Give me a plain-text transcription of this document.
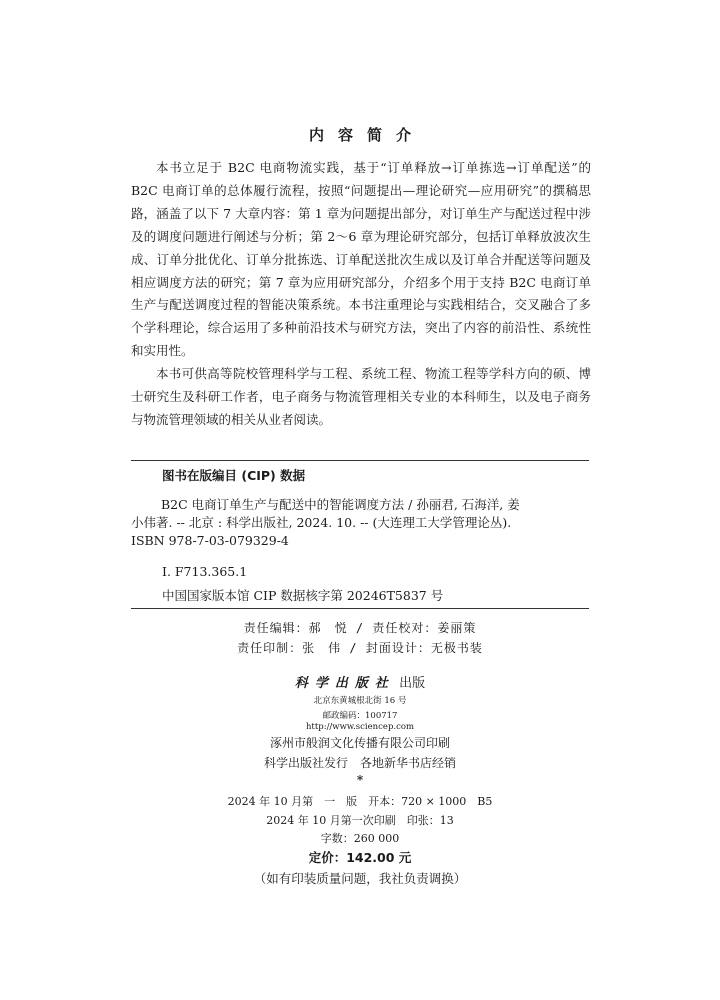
内容简介

本书立足于 B2C 电商物流实践，基于“订单释放→订单拣选→订单配送”的 B2C 电商订单的总体履行流程，按照“问题提出—理论研究—应用研究”的撰稿思路，涵盖了以下 7 大章内容：第 1 章为问题提出部分，对订单生产与配送过程中涉及的调度问题进行阐述与分析；第 2～6 章为理论研究部分，包括订单释放波次生成、订单分批优化、订单分批拣选、订单配送批次生成以及订单合并配送等问题及相应调度方法的研究；第 7 章为应用研究部分，介绍多个用于支持 B2C 电商订单生产与配送调度过程的智能决策系统。本书注重理论与实践相结合，交叉融合了多个学科理论，综合运用了多种前沿技术与研究方法，突出了内容的前沿性、系统性和实用性。

本书可供高等院校管理科学与工程、系统工程、物流工程等学科方向的硕、博士研究生及科研工作者，电子商务与物流管理相关专业的本科师生，以及电子商务与物流管理领域的相关从业者阅读。

图书在版编目 (CIP) 数据
B2C 电商订单生产与配送中的智能调度方法 / 孙丽君, 石海洋, 姜
小伟著. -- 北京 : 科学出版社, 2024. 10. -- (大连理工大学管理论丛).
ISBN 978-7-03-079329-4
Ⅰ. F713.365.1
中国国家版本馆 CIP 数据核字第 20246T5837 号
责任编辑：郝　悦 / 责任校对：姜丽策
责任印制：张　伟 / 封面设计：无极书装
科学出版社 出版
北京东黄城根北街 16 号
邮政编码：100717
http://www.sciencep.com
涿州市般润文化传播有限公司印刷
科学出版社发行　各地新华书店经销
*
2024 年 10 月第　一　版　开本：720 × 1000　B5
2024 年 10 月第一次印刷　印张：13
字数：260 000
定价：142.00 元
（如有印装质量问题，我社负责调换）
